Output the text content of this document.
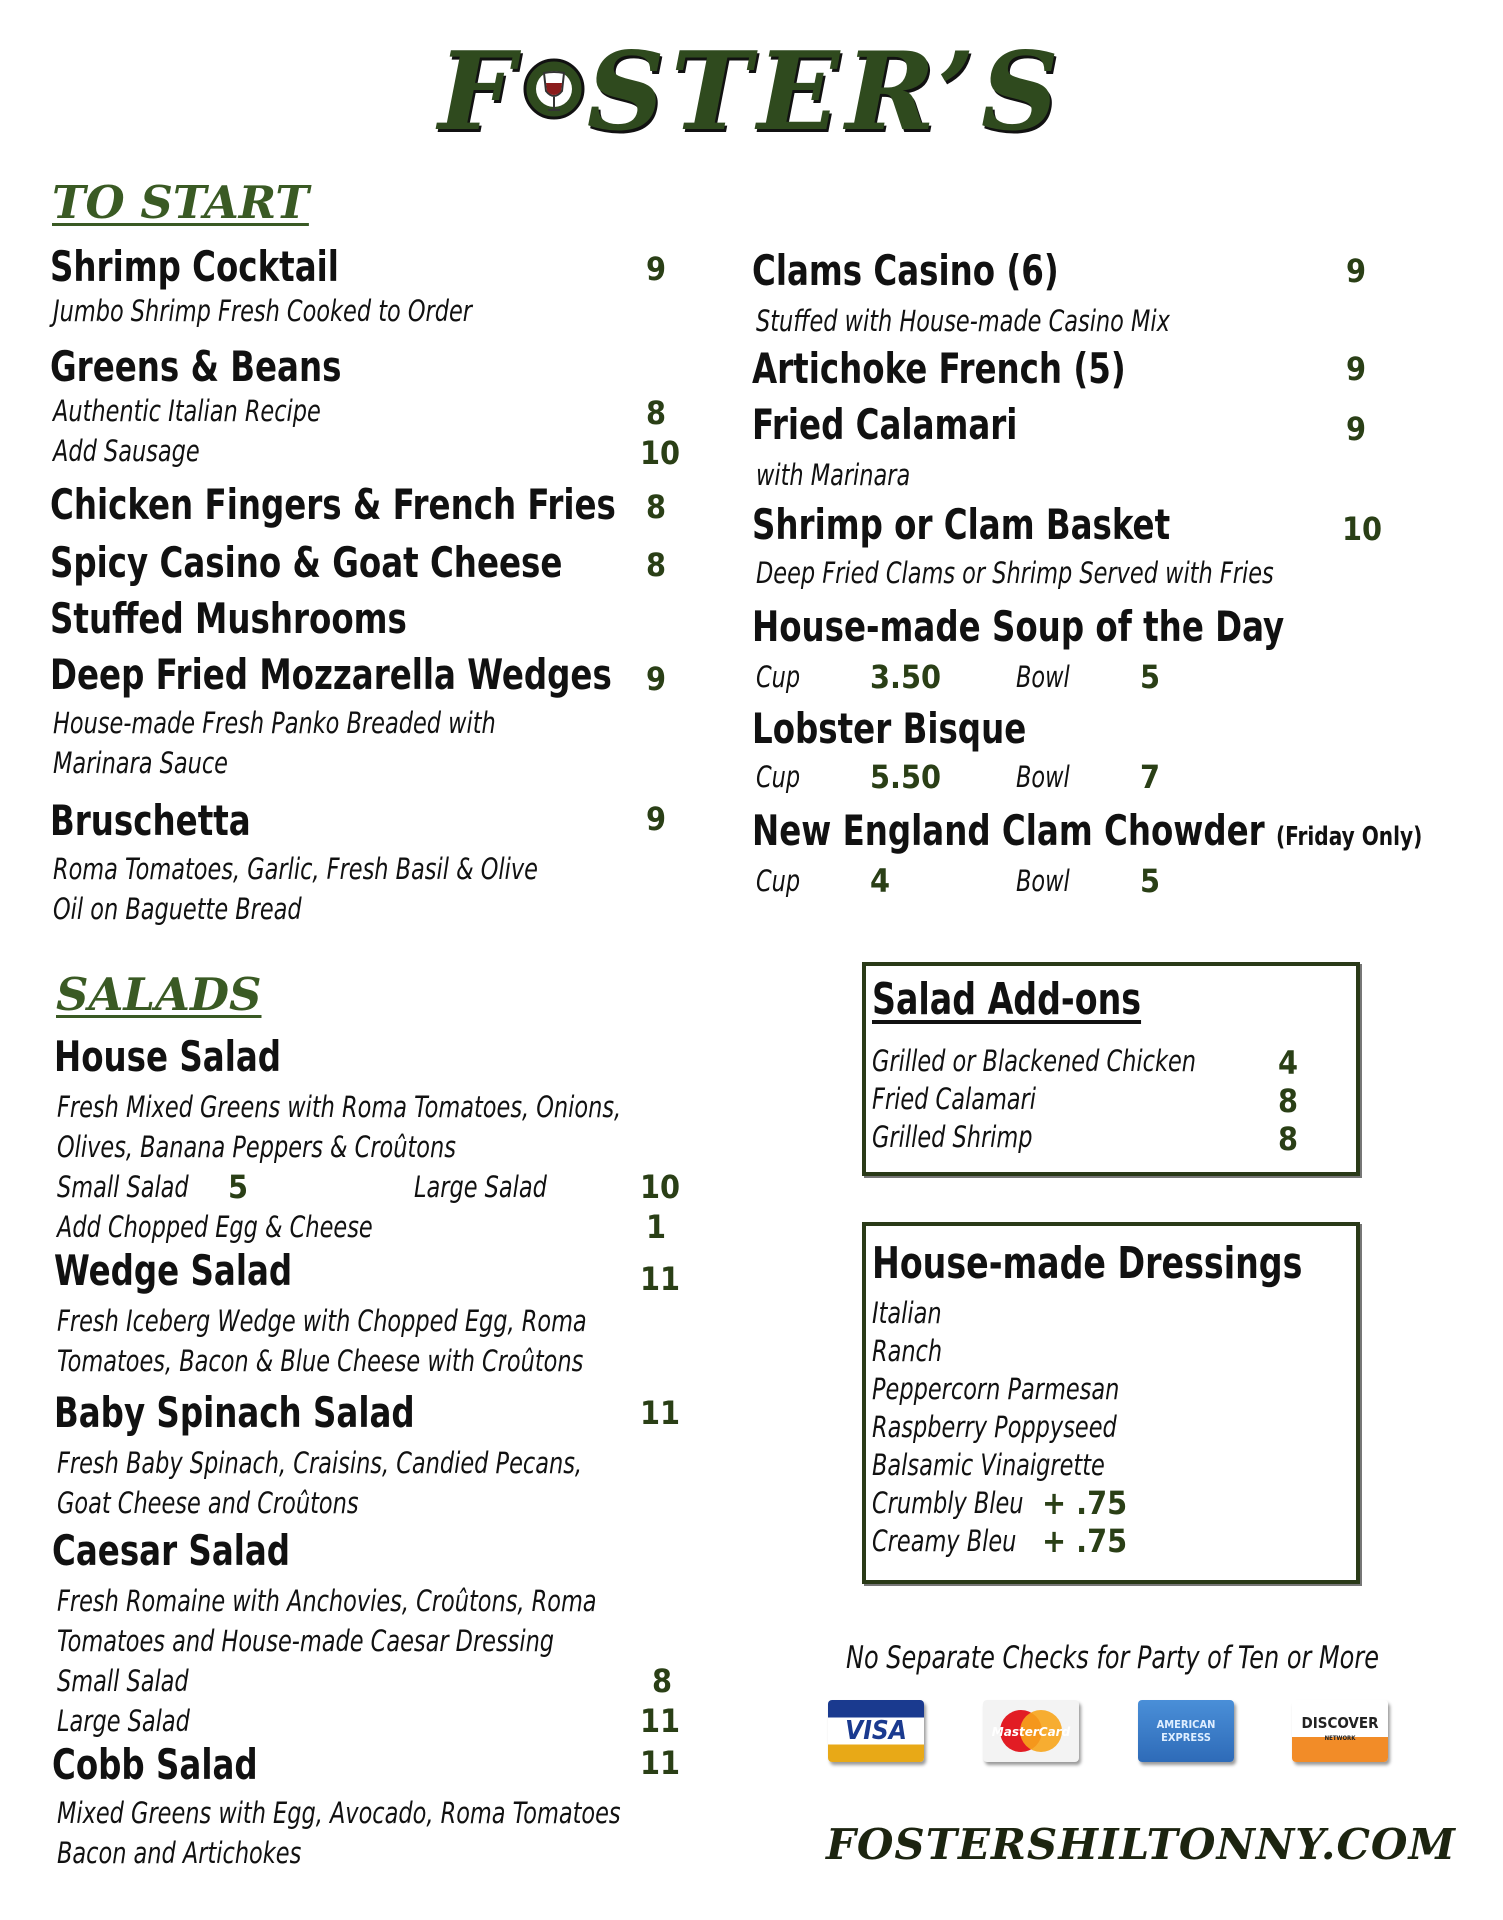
F STER’S
TO START
Shrimp Cocktail	9
Jumbo Shrimp Fresh Cooked to Order
Greens & Beans
Authentic Italian Recipe	8
Add Sausage	10
Chicken Fingers & French Fries 8
Spicy Casino & Goat Cheese	8
Stuffed Mushrooms
Deep Fried Mozzarella Wedges	9
House-made Fresh Panko Breaded with
Marinara Sauce
Bruschetta	9
Roma Tomatoes, Garlic, Fresh Basil & Olive
Oil on Baguette Bread
Clams Casino (6)	9
Stuffed with House-made Casino Mix
Artichoke French (5)	9
Fried Calamari	9
with Marinara
Shrimp or Clam Basket	10
Deep Fried Clams or Shrimp Served with Fries
House-made Soup of the Day
Cup 3.50	Bowl 5
Lobster Bisque
Cup 5.50	Bowl 7
New England Clam Chowder (Friday Only)
Cup 4	Bowl 5
SALADS
House Salad
Fresh Mixed Greens with Roma Tomatoes, Onions,
Olives, Banana Peppers & Croûtons
Small Salad 5	Large Salad	10
Add Chopped Egg & Cheese	1
Wedge Salad	11
Fresh Iceberg Wedge with Chopped Egg, Roma
Tomatoes, Bacon & Blue Cheese with Croûtons
Baby Spinach Salad	11
Fresh Baby Spinach, Craisins, Candied Pecans,
Goat Cheese and Croûtons
Caesar Salad
Fresh Romaine with Anchovies, Croûtons, Roma
Tomatoes and House-made Caesar Dressing
Small Salad	8
Large Salad	11
Cobb Salad	11
Mixed Greens with Egg, Avocado, Roma Tomatoes
Bacon and Artichokes
Salad Add-ons
Grilled or Blackened Chicken	4
Fried Calamari	8
Grilled Shrimp	8
House-made Dressings
Italian
Ranch
Peppercorn Parmesan
Raspberry Poppyseed
Balsamic Vinaigrette
Crumbly Bleu + .75
Creamy Bleu + .75
No Separate Checks for Party of Ten or More
VISA	MasterCard
AMERICAN
EXPRESS
DISCOVER
NETWORK
FOSTERSHILTONNY.COM
